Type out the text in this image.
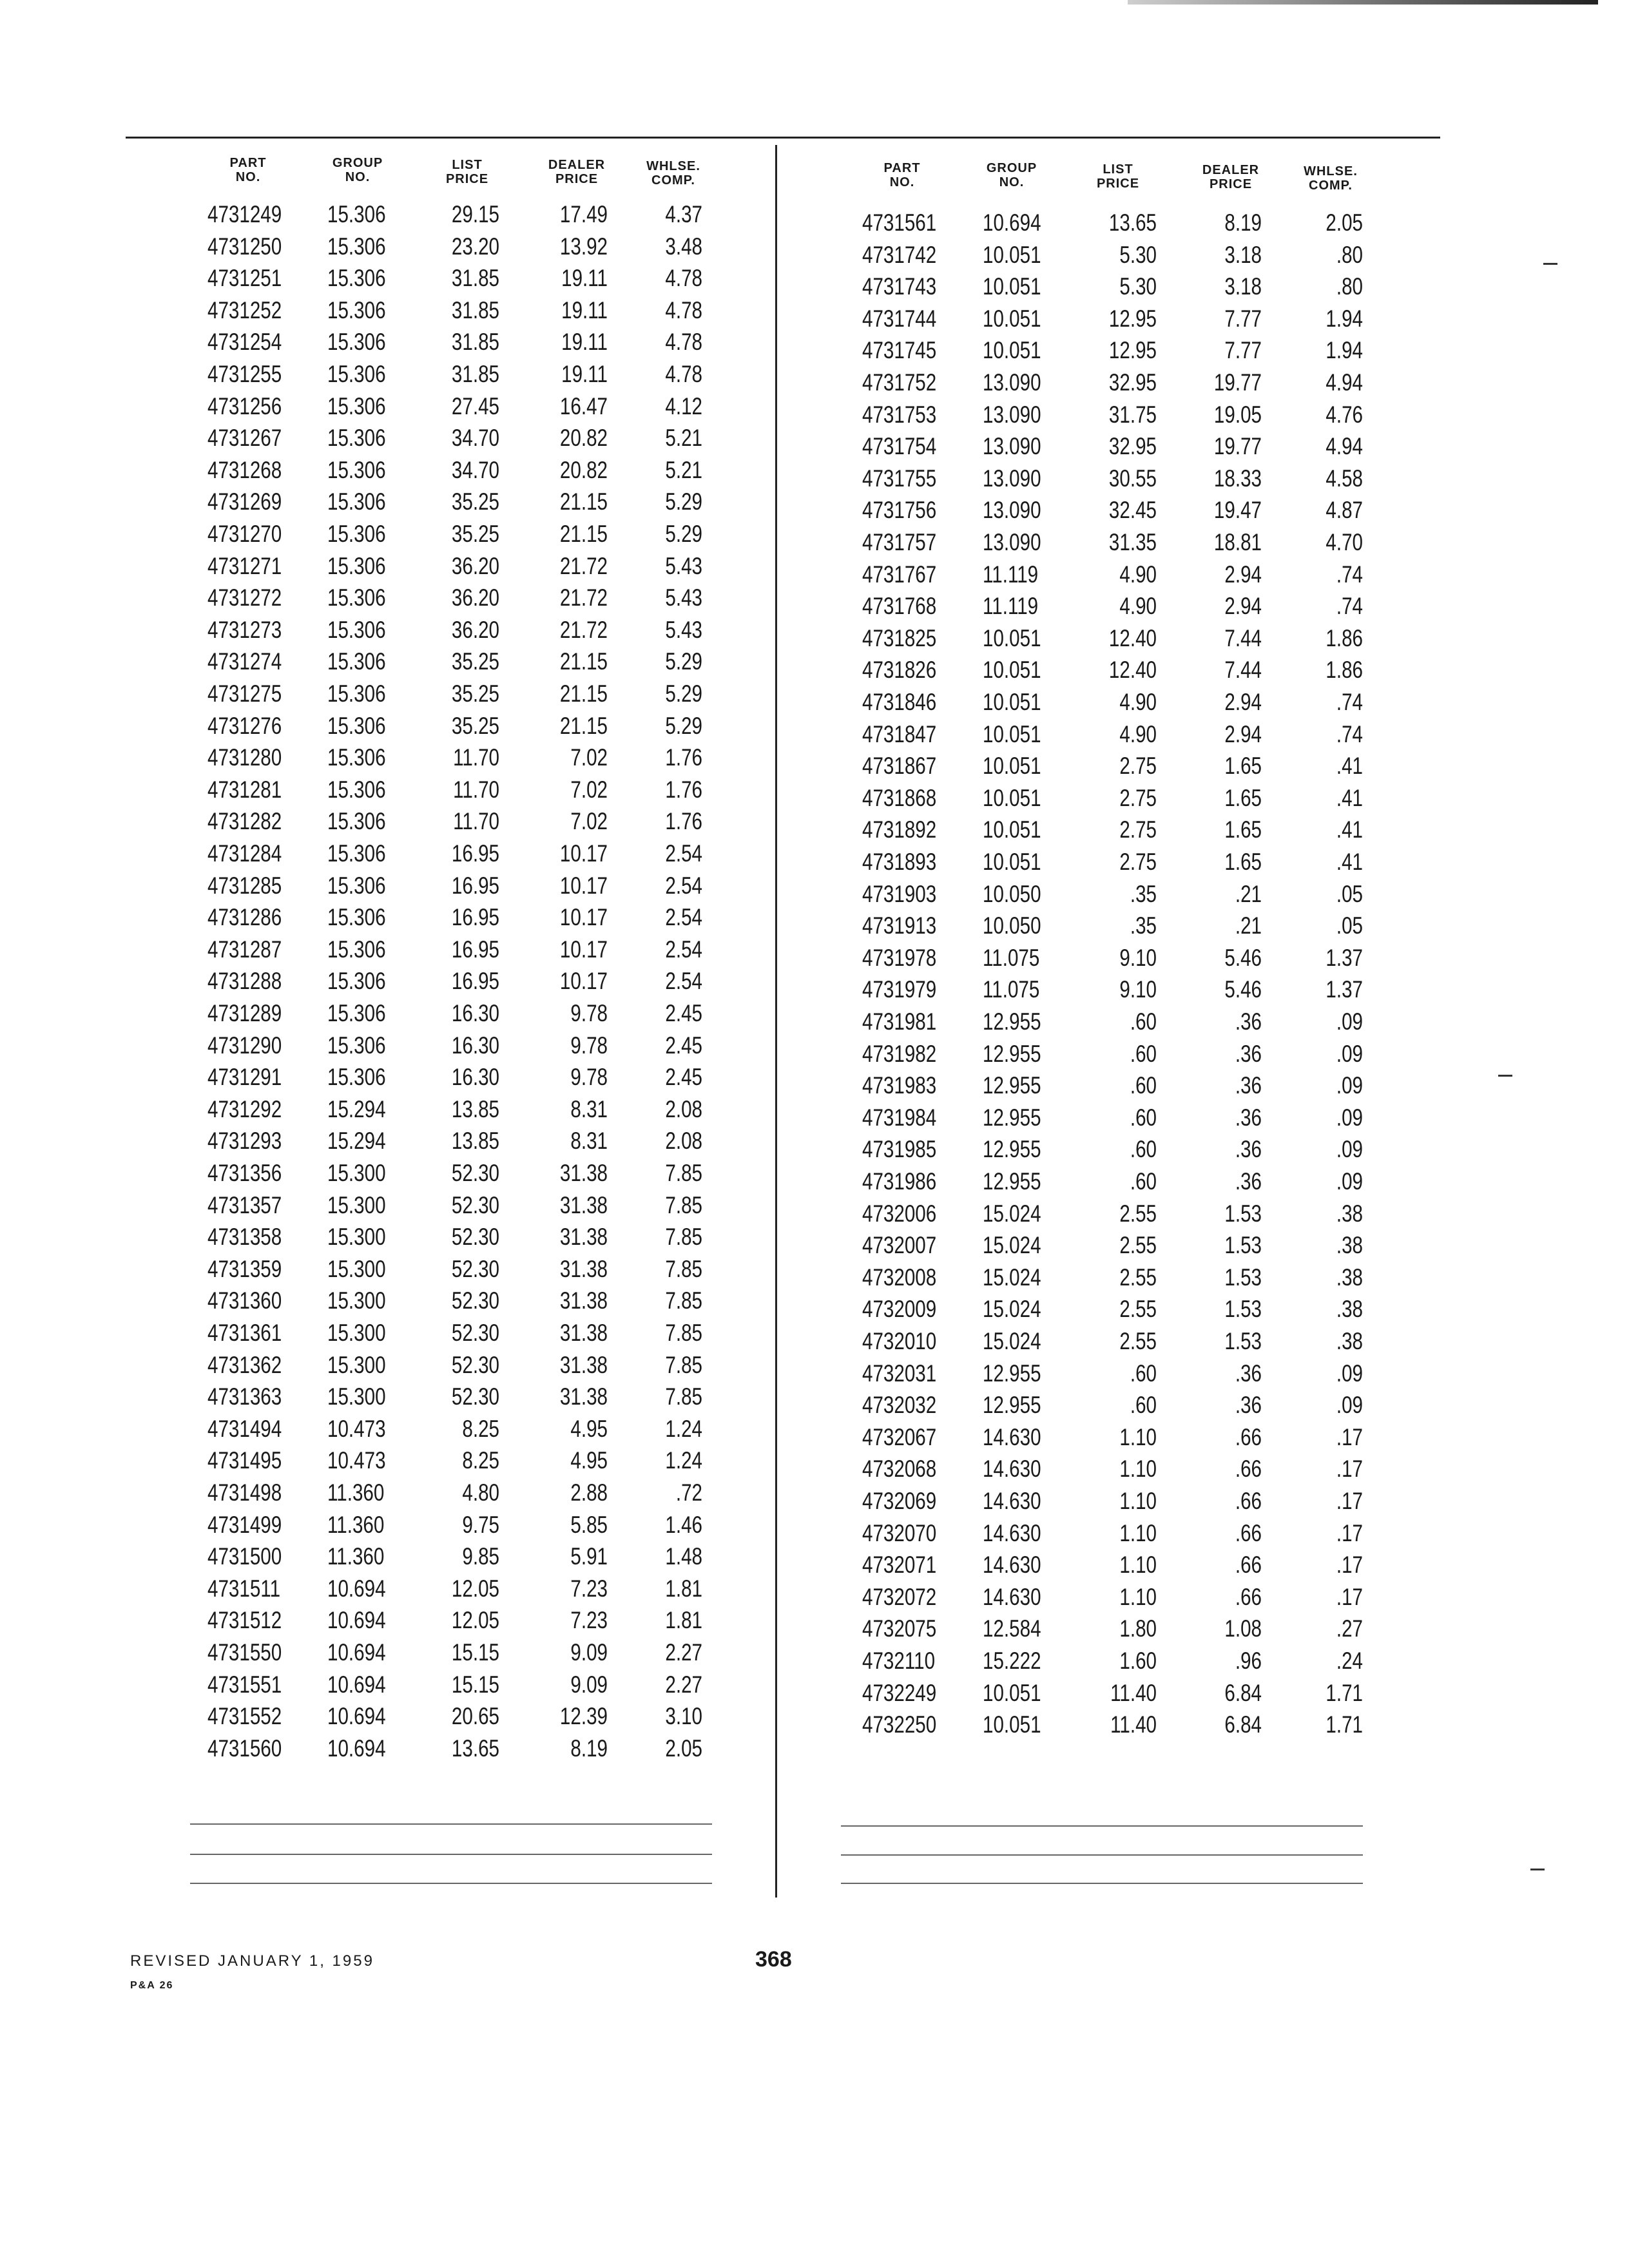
PART
NO.
GROUP
NO.
LIST
PRICE
DEALER
PRICE
WHLSE.
COMP.
PART
NO.
GROUP
NO.
LIST
PRICE
DEALER
PRICE
WHLSE.
COMP.
4731249 15.306	29.15	17.49	4.37
4731250 15.306	23.20	13.92	3.48
4731251 15.306	31.85	19.11	4.78
4731252 15.306	31.85	19.11	4.78
4731254 15.306	31.85	19.11	4.78
4731255 15.306	31.85	19.11	4.78
4731256 15.306	27.45	16.47	4.12
4731267 15.306	34.70	20.82	5.21
4731268 15.306	34.70	20.82	5.21
4731269 15.306	35.25	21.15	5.29
4731270 15.306	35.25	21.15	5.29
4731271 15.306	36.20	21.72	5.43
4731272 15.306	36.20	21.72	5.43
4731273 15.306	36.20	21.72	5.43
4731274 15.306	35.25	21.15	5.29
4731275 15.306	35.25	21.15	5.29
4731276 15.306	35.25	21.15	5.29
4731280 15.306	11.70	7.02	1.76
4731281 15.306	11.70	7.02	1.76
4731282 15.306	11.70	7.02	1.76
4731284 15.306	16.95	10.17	2.54
4731285 15.306	16.95	10.17	2.54
4731286 15.306	16.95	10.17	2.54
4731287 15.306	16.95	10.17	2.54
4731288 15.306	16.95	10.17	2.54
4731289 15.306	16.30	9.78	2.45
4731290 15.306	16.30	9.78	2.45
4731291 15.306	16.30	9.78	2.45
4731292 15.294	13.85	8.31	2.08
4731293 15.294	13.85	8.31	2.08
4731356 15.300	52.30	31.38	7.85
4731357 15.300	52.30	31.38	7.85
4731358 15.300	52.30	31.38	7.85
4731359 15.300	52.30	31.38	7.85
4731360 15.300	52.30	31.38	7.85
4731361 15.300	52.30	31.38	7.85
4731362 15.300	52.30	31.38	7.85
4731363 15.300	52.30	31.38	7.85
4731494 10.473	8.25	4.95	1.24
4731495 10.473	8.25	4.95	1.24
4731498 11.360	4.80	2.88	.72
4731499 11.360	9.75	5.85	1.46
4731500 11.360	9.85	5.91	1.48
4731511 10.694	12.05	7.23	1.81
4731512 10.694	12.05	7.23	1.81
4731550 10.694	15.15	9.09	2.27
4731551 10.694	15.15	9.09	2.27
4731552 10.694	20.65	12.39	3.10
4731560 10.694	13.65	8.19	2.05
4731561 10.694	13.65	8.19	2.05
4731742 10.051	5.30	3.18	.80
4731743 10.051	5.30	3.18	.80
4731744 10.051	12.95	7.77	1.94
4731745 10.051	12.95	7.77	1.94
4731752 13.090	32.95	19.77	4.94
4731753 13.090	31.75	19.05	4.76
4731754 13.090	32.95	19.77	4.94
4731755 13.090	30.55	18.33	4.58
4731756 13.090	32.45	19.47	4.87
4731757 13.090	31.35	18.81	4.70
4731767 11.119	4.90	2.94	.74
4731768 11.119	4.90	2.94	.74
4731825 10.051	12.40	7.44	1.86
4731826 10.051	12.40	7.44	1.86
4731846 10.051	4.90	2.94	.74
4731847 10.051	4.90	2.94	.74
4731867 10.051	2.75	1.65	.41
4731868 10.051	2.75	1.65	.41
4731892 10.051	2.75	1.65	.41
4731893 10.051	2.75	1.65	.41
4731903 10.050	.35	.21	.05
4731913 10.050	.35	.21	.05
4731978 11.075	9.10	5.46	1.37
4731979 11.075	9.10	5.46	1.37
4731981 12.955	.60	.36	.09
4731982 12.955	.60	.36	.09
4731983 12.955	.60	.36	.09
4731984 12.955	.60	.36	.09
4731985 12.955	.60	.36	.09
4731986 12.955	.60	.36	.09
4732006 15.024	2.55	1.53	.38
4732007 15.024	2.55	1.53	.38
4732008 15.024	2.55	1.53	.38
4732009 15.024	2.55	1.53	.38
4732010 15.024	2.55	1.53	.38
4732031 12.955	.60	.36	.09
4732032 12.955	.60	.36	.09
4732067 14.630	1.10	.66	.17
4732068 14.630	1.10	.66	.17
4732069 14.630	1.10	.66	.17
4732070 14.630	1.10	.66	.17
4732071 14.630	1.10	.66	.17
4732072 14.630	1.10	.66	.17
4732075 12.584	1.80	1.08	.27
4732110 15.222	1.60	.96	.24
4732249 10.051	11.40	6.84	1.71
4732250 10.051	11.40	6.84	1.71
REVISED JANUARY 1, 1959
P&A 26
368
